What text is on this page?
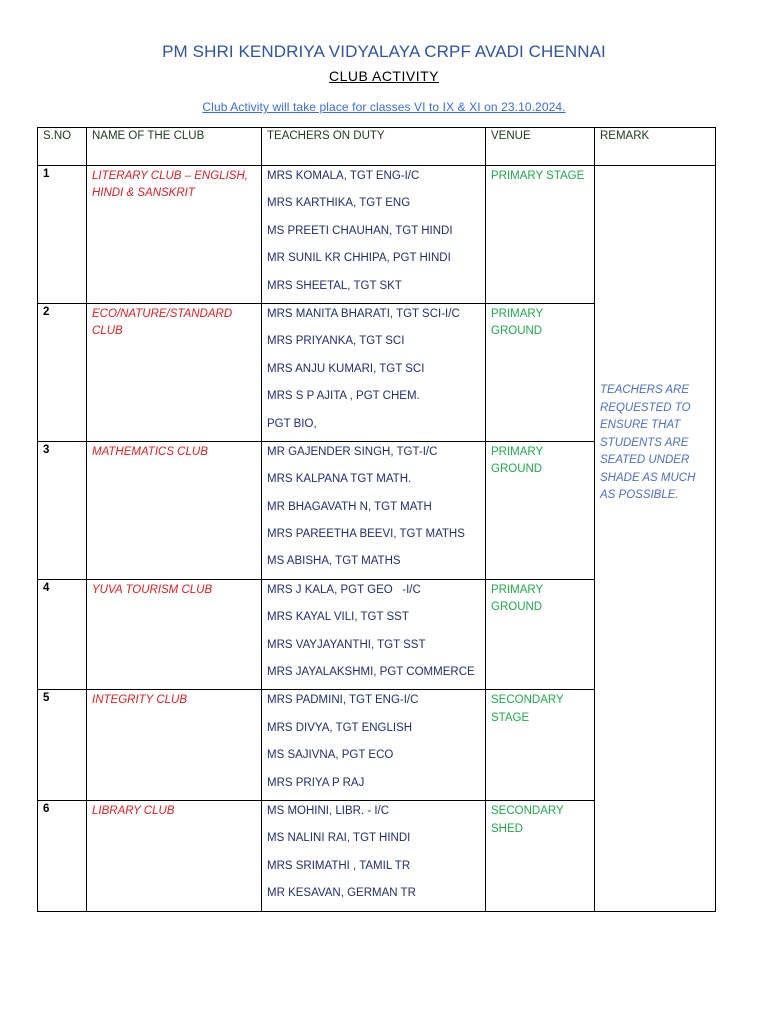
PM SHRI KENDRIYA VIDYALAYA CRPF AVADI CHENNAI
CLUB ACTIVITY
Club Activity will take place for classes VI to IX & XI on 23.10.2024.
S.NO	NAME OF THE CLUB	TEACHERS ON DUTY	VENUE	REMARK
1	LITERARY CLUB – ENGLISH, HINDI & SANSKRIT	MRS KOMALA, TGT ENG-I/C
MRS KARTHIKA, TGT ENG
MS PREETI CHAUHAN, TGT HINDI
MR SUNIL KR CHHIPA, PGT HINDI
MRS SHEETAL, TGT SKT	PRIMARY STAGE	TEACHERS ARE REQUESTED TO ENSURE THAT STUDENTS ARE SEATED UNDER SHADE AS MUCH AS POSSIBLE.

2	ECO/NATURE/STANDARD CLUB	MRS MANITA BHARATI, TGT SCI-I/C
MRS PRIYANKA, TGT SCI
MRS ANJU KUMARI, TGT SCI
MRS S P AJITA , PGT CHEM.
PGT BIO,	PRIMARY GROUND	
3	MATHEMATICS CLUB	MR GAJENDER SINGH, TGT-I/C
MRS KALPANA TGT MATH.
MR BHAGAVATH N, TGT MATH
MRS PAREETHA BEEVI, TGT MATHS
MS ABISHA, TGT MATHS	PRIMARY GROUND	
4	YUVA TOURISM CLUB	MRS J KALA, PGT GEO   -I/C
MRS KAYAL VILI, TGT SST
MRS VAYJAYANTHI, TGT SST
MRS JAYALAKSHMI, PGT COMMERCE	PRIMARY GROUND	
5	INTEGRITY CLUB	MRS PADMINI, TGT ENG-I/C
MRS DIVYA, TGT ENGLISH
MS SAJIVNA, PGT ECO
MRS PRIYA P RAJ	SECONDARY STAGE	
6	LIBRARY CLUB	MS MOHINI, LIBR. - I/C
MS NALINI RAI, TGT HINDI
MRS SRIMATHI , TAMIL TR
MR KESAVAN, GERMAN TR	SECONDARY SHED	
